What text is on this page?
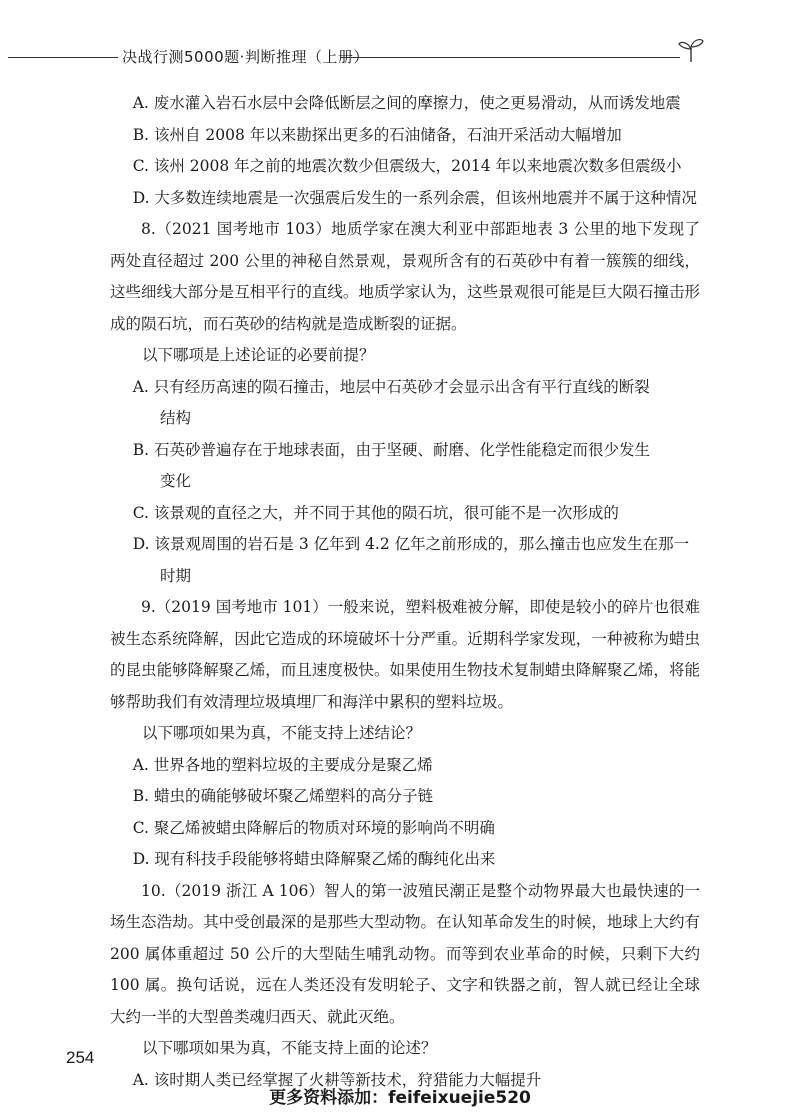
决战行测5000题·判断推理（上册）

A. 废水灌入岩石水层中会降低断层之间的摩擦力，使之更易滑动，从而诱发地震

B. 该州自 2008 年以来勘探出更多的石油储备，石油开采活动大幅增加

C. 该州 2008 年之前的地震次数少但震级大，2014 年以来地震次数多但震级小

D. 大多数连续地震是一次强震后发生的一系列余震，但该州地震并不属于这种情况

8.（2021 国考地市 103）地质学家在澳大利亚中部距地表 3 公里的地下发现了两处直径超过 200 公里的神秘自然景观，景观所含有的石英砂中有着一簇簇的细线，这些细线大部分是互相平行的直线。地质学家认为，这些景观很可能是巨大陨石撞击形成的陨石坑，而石英砂的结构就是造成断裂的证据。

以下哪项是上述论证的必要前提？

A. 只有经历高速的陨石撞击，地层中石英砂才会显示出含有平行直线的断裂
结构

B. 石英砂普遍存在于地球表面，由于坚硬、耐磨、化学性能稳定而很少发生
变化

C. 该景观的直径之大，并不同于其他的陨石坑，很可能不是一次形成的

D. 该景观周围的岩石是 3 亿年到 4.2 亿年之前形成的，那么撞击也应发生在那一
时期

9.（2019 国考地市 101）一般来说，塑料极难被分解，即使是较小的碎片也很难被生态系统降解，因此它造成的环境破坏十分严重。近期科学家发现，一种被称为蜡虫的昆虫能够降解聚乙烯，而且速度极快。如果使用生物技术复制蜡虫降解聚乙烯，将能够帮助我们有效清理垃圾填埋厂和海洋中累积的塑料垃圾。

以下哪项如果为真，不能支持上述结论？

A. 世界各地的塑料垃圾的主要成分是聚乙烯

B. 蜡虫的确能够破坏聚乙烯塑料的高分子链

C. 聚乙烯被蜡虫降解后的物质对环境的影响尚不明确

D. 现有科技手段能够将蜡虫降解聚乙烯的酶纯化出来

10.（2019 浙江 A 106）智人的第一波殖民潮正是整个动物界最大也最快速的一场生态浩劫。其中受创最深的是那些大型动物。在认知革命发生的时候，地球上大约有 200 属体重超过 50 公斤的大型陆生哺乳动物。而等到农业革命的时候，只剩下大约 100 属。换句话说，远在人类还没有发明轮子、文字和铁器之前，智人就已经让全球大约一半的大型兽类魂归西天、就此灭绝。

以下哪项如果为真，不能支持上面的论述？

A. 该时期人类已经掌握了火耕等新技术，狩猎能力大幅提升

254
更多资料添加：feifeixuejie520
